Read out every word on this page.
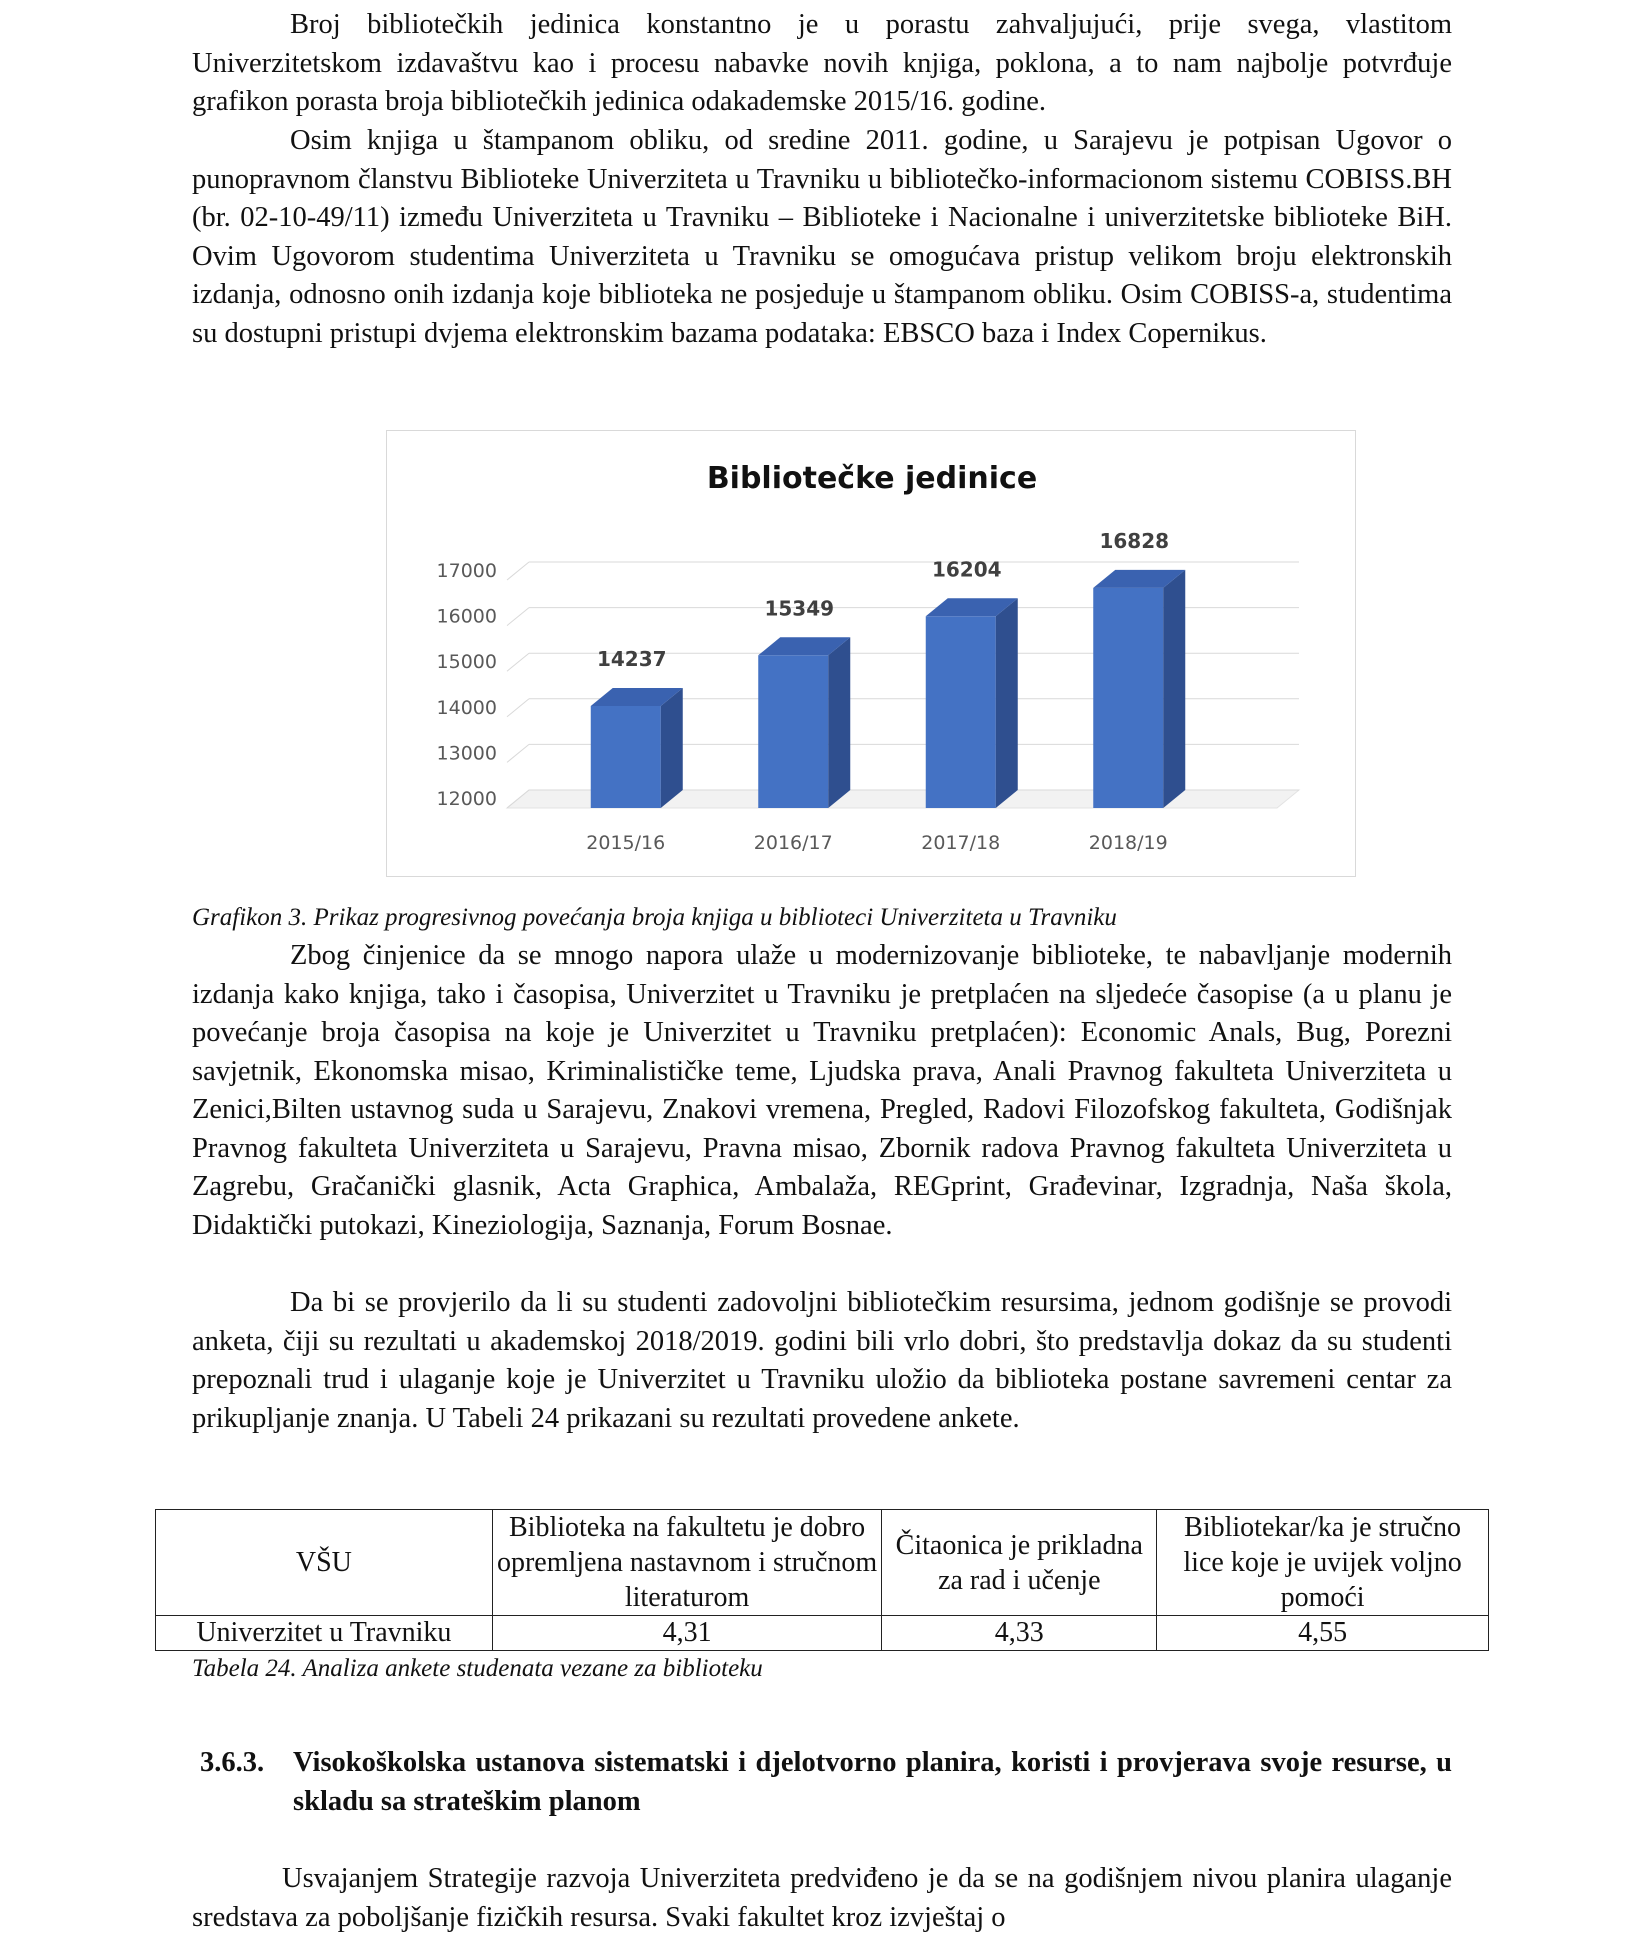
Broj bibliotečkih jedinica konstantno je u porastu zahvaljujući, prije svega, vlastitom Univerzitetskom izdavaštvu kao i procesu nabavke novih knjiga, poklona, a to nam najbolje potvrđuje grafikon porasta broja bibliotečkih jedinica odakademske 2015/16. godine.

Osim knjiga u štampanom obliku, od sredine 2011. godine, u Sarajevu je potpisan Ugovor o punopravnom članstvu Biblioteke Univerziteta u Travniku u bibliotečko-informacionom sistemu COBISS.BH (br. 02-10-49/11) između Univerziteta u Travniku – Biblioteke i Nacionalne i univerzitetske biblioteke BiH. Ovim Ugovorom studentima Univerziteta u Travniku se omogućava pristup velikom broju elektronskih izdanja, odnosno onih izdanja koje biblioteka ne posjeduje u štampanom obliku. Osim COBISS-a, studentima su dostupni pristupi dvjema elektronskim bazama podataka: EBSCO baza i Index Copernikus.

Bibliotečke jedinice
12000
13000
14000
15000
16000
17000
14237
2015/16
15349
2016/17
16204
2017/18
16828
2018/19
Grafikon 3. Prikaz progresivnog povećanja broja knjiga u biblioteci Univerziteta u Travniku

Zbog činjenice da se mnogo napora ulaže u modernizovanje biblioteke, te nabavljanje modernih izdanja kako knjiga, tako i časopisa, Univerzitet u Travniku je pretplaćen na sljedeće časopise (a u planu je povećanje broja časopisa na koje je Univerzitet u Travniku pretplaćen): Economic Anals, Bug, Porezni savjetnik, Ekonomska misao, Kriminalističke teme, Ljudska prava, Anali Pravnog fakulteta Univerziteta u Zenici,Bilten ustavnog suda u Sarajevu, Znakovi vremena, Pregled, Radovi Filozofskog fakulteta, Godišnjak Pravnog fakulteta Univerziteta u Sarajevu, Pravna misao, Zbornik radova Pravnog fakulteta Univerziteta u Zagrebu, Gračanički glasnik, Acta Graphica, Ambalaža, REGprint, Građevinar, Izgradnja, Naša škola, Didaktički putokazi, Kineziologija, Saznanja, Forum Bosnae.

Da bi se provjerilo da li su studenti zadovoljni bibliotečkim resursima, jednom godišnje se provodi anketa, čiji su rezultati u akademskoj 2018/2019. godini bili vrlo dobri, što predstavlja dokaz da su studenti prepoznali trud i ulaganje koje je Univerzitet u Travniku uložio da biblioteka postane savremeni centar za prikupljanje znanja. U Tabeli 24 prikazani su rezultati provedene ankete.

VŠU	Biblioteka na fakultetu je dobro opremljena nastavnom i stručnom literaturom	Čitaonica je prikladna za rad i učenje	Bibliotekar/ka je stručno lice koje je uvijek voljno pomoći
Univerzitet u Travniku	4,31	4,33	4,55
Tabela 24. Analiza ankete studenata vezane za biblioteku
3.6.3. Visokoškolska ustanova sistematski i djelotvorno planira, koristi i provjerava svoje resurse, u skladu sa strateškim planom

Usvajanjem Strategije razvoja Univerziteta predviđeno je da se na godišnjem nivou planira ulaganje sredstava za poboljšanje fizičkih resursa. Svaki fakultet kroz izvještaj o
